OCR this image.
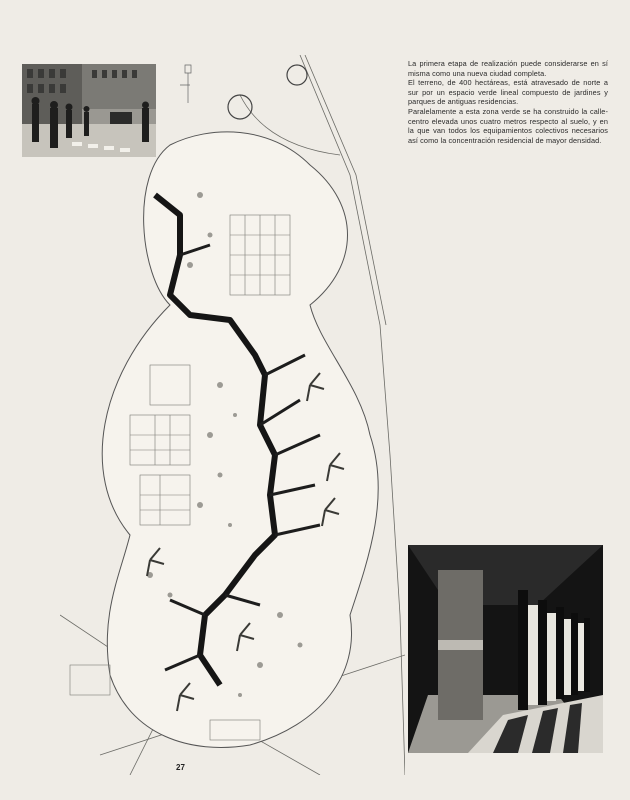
La primera etapa de realización puede considerarse en sí misma como una nueva ciudad completa.

El terreno, de 400 hectáreas, está atravesado de norte a sur por un espacio verde lineal compuesto de jardines y parques de antiguas residencias.

Paralelamente a esta zona verde se ha construido la calle-centro elevada unos cuatro metros respecto al suelo, y en la que van todos los equipamientos colectivos necesarios así como la concentración residencial de mayor densidad.

27
